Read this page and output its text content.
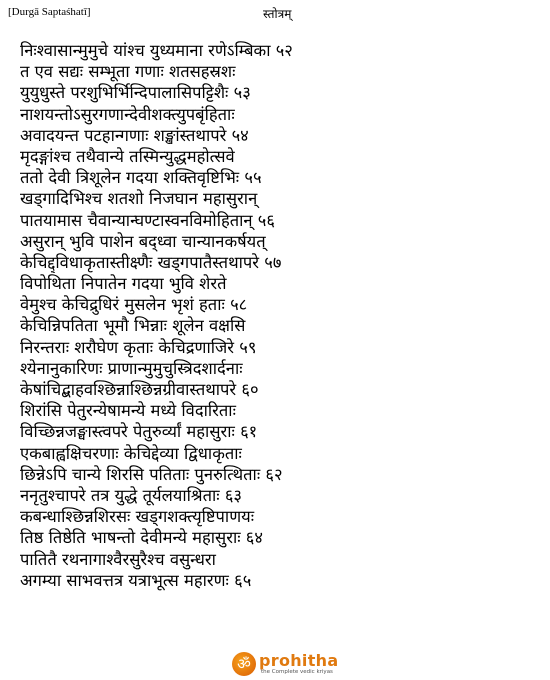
[Durgā Saptaśhatī]	स्तोत्रम्
निःश्वासान्मुमुचे यांश्च युध्यमाना रणेऽम्बिका ५२
त एव सद्यः सम्भूता गणाः शतसहस्रशः
युयुधुस्ते परशुभिर्भिन्दिपालासिपट्टिशैः ५३
नाशयन्तोऽसुरगणान्देवीशक्त्युपबृंहिताः
अवादयन्त पटहान्गणाः शङ्खांस्तथापरे ५४
मृदङ्गांश्च तथैवान्ये तस्मिन्युद्धमहोत्सवे
ततो देवी त्रिशूलेन गदया शक्तिवृष्टिभिः ५५
खड्गादिभिश्च शतशो निजघान महासुरान्
पातयामास चैवान्यान्घण्टास्वनविमोहितान् ५६
असुरान् भुवि पाशेन बद्ध्वा चान्यानकर्षयत्
केचिद्द्विधाकृतास्तीक्ष्णैः खड्गपातैस्तथापरे ५७
विपोथिता निपातेन गदया भुवि शेरते
वेमुश्च केचिद्रुधिरं मुसलेन भृशं हताः ५८
केचिन्निपतिता भूमौ भिन्नाः शूलेन वक्षसि
निरन्तराः शरौघेण कृताः केचिद्रणाजिरे ५९
श्येनानुकारिणः प्राणान्मुमुचुस्त्रिदशार्दनाः
केषांचिद्बाहवश्छिन्नाश्छिन्नग्रीवास्तथापरे ६०
शिरांसि पेतुरन्येषामन्ये मध्ये विदारिताः
विच्छिन्नजङ्घास्त्वपरे पेतुरुर्व्यां महासुराः ६१
एकबाह्वक्षिचरणाः केचिद्देव्या द्विधाकृताः
छिन्नेऽपि चान्ये शिरसि पतिताः पुनरुत्थिताः ६२
ननृतुश्चापरे तत्र युद्धे तूर्यलयाश्रिताः ६३
कबन्धाश्छिन्नशिरसः खड्गशक्त्यृष्टिपाणयः
तिष्ठ तिष्ठेति भाषन्तो देवीमन्ये महासुराः ६४
पातितै रथनागाश्वैरसुरैश्च वसुन्धरा
अगम्या साभवत्तत्र यत्राभूत्स महारणः ६५
ॐ prohitha
the Complete vedic kriyas
